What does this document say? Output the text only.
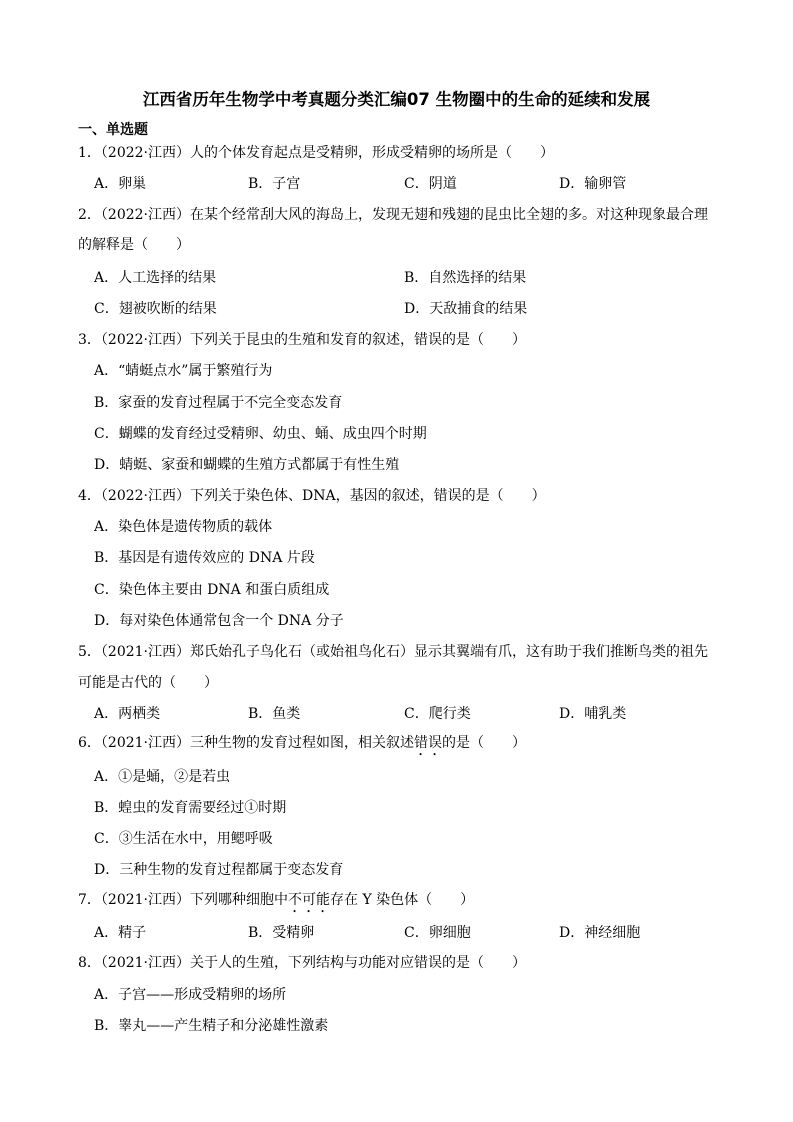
江西省历年生物学中考真题分类汇编07 生物圈中的生命的延续和发展
一、单选题
1．（2022·江西）人的个体发育起点是受精卵，形成受精卵的场所是（　　）
A．卵巢	B．子宫	C．阴道	D．输卵管
2．（2022·江西）在某个经常刮大风的海岛上，发现无翅和残翅的昆虫比全翅的多。对这种现象最合理
的解释是（　　）
A．人工选择的结果	B．自然选择的结果
C．翅被吹断的结果	D．天敌捕食的结果
3．（2022·江西）下列关于昆虫的生殖和发育的叙述，错误的是（　　）
A．“蜻蜓点水”属于繁殖行为
B．家蚕的发育过程属于不完全变态发育
C．蝴蝶的发育经过受精卵、幼虫、蛹、成虫四个时期
D．蜻蜓、家蚕和蝴蝶的生殖方式都属于有性生殖
4．（2022·江西）下列关于染色体、DNA，基因的叙述，错误的是（　　）
A．染色体是遗传物质的载体
B．基因是有遗传效应的 DNA 片段
C．染色体主要由 DNA 和蛋白质组成
D．每对染色体通常包含一个 DNA 分子
5．（2021·江西）郑氏始孔子鸟化石（或始祖鸟化石）显示其翼端有爪，这有助于我们推断鸟类的祖先
可能是古代的（　　）
A．两栖类	B．鱼类	C．爬行类	D．哺乳类
6．（2021·江西）三种生物的发育过程如图，相关叙述错误的是（　　）
A．①是蛹，②是若虫
B．蝗虫的发育需要经过①时期
C．③生活在水中，用鳃呼吸
D．三种生物的发育过程都属于变态发育
7．（2021·江西）下列哪种细胞中不可能存在 Y 染色体（　　）
A．精子	B．受精卵	C．卵细胞	D．神经细胞
8．（2021·江西）关于人的生殖，下列结构与功能对应错误的是（　　）
A．子宫——形成受精卵的场所
B．睾丸——产生精子和分泌雄性激素
